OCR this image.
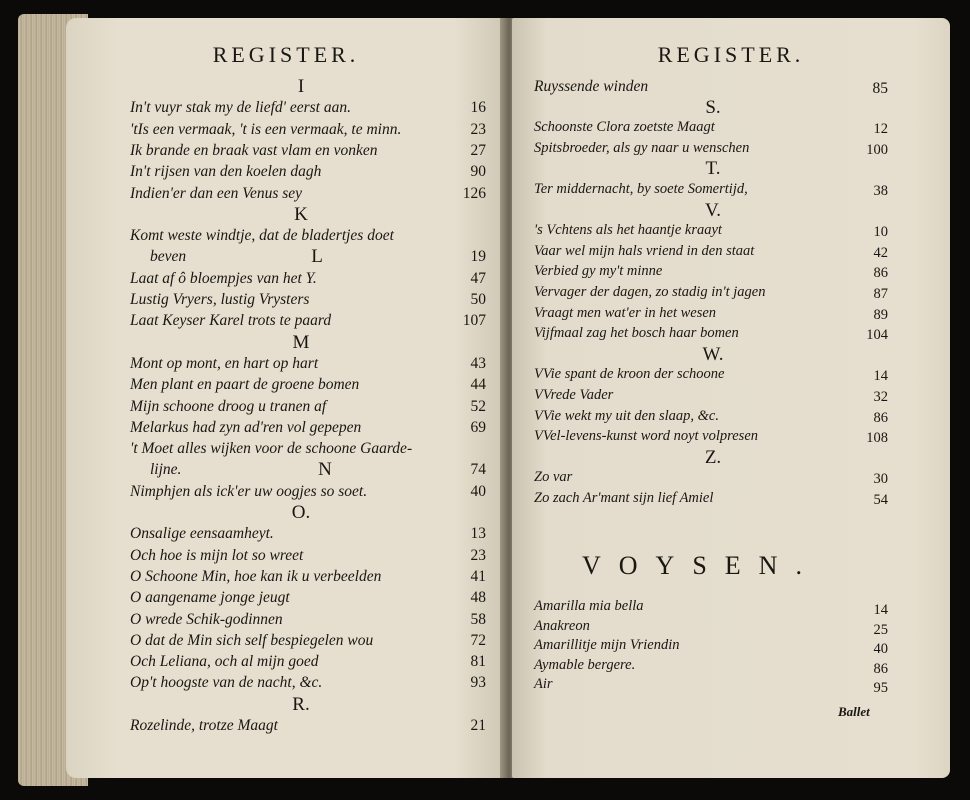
REGISTER.
I
In't vuyr stak my de liefd' eerst aan.	16
'tIs een vermaak, 't is een vermaak, te minn.	23
Ik brande en braak vast vlam en vonken	27
In't rijsen van den koelen dagh	90
Indien'er dan een Venus sey	126
K
Komt weste windtje, dat de bladertjes doet
beven	19
L
Laat af ô bloempjes van het Y.	47
Lustig Vryers, lustig Vrysters	50
Laat Keyser Karel trots te paard	107
M
Mont op mont, en hart op hart	43
Men plant en paart de groene bomen	44
Mijn schoone droog u tranen af	52
Melarkus had zyn ad'ren vol gepepen	69
't Moet alles wijken voor de schoone Gaarde-
lijne.	74
N
Nimphjen als ick'er uw oogjes so soet.	40
O.
Onsalige eensaamheyt.	13
Och hoe is mijn lot so wreet	23
O Schoone Min, hoe kan ik u verbeelden	41
O aangename jonge jeugt	48
O wrede Schik-godinnen	58
O dat de Min sich self bespiegelen wou	72
Och Leliana, och al mijn goed	81
Op't hoogste van de nacht, &c.	93
R.
Rozelinde, trotze Maagt	21
REGISTER.
VOYSEN.
Ballet
Ruyssende winden	85
S.
Schoonste Clora zoetste Maagt	12
Spitsbroeder, als gy naar u wenschen	100
T.
Ter middernacht, by soete Somertijd,	38
V.
's Vchtens als het haantje kraayt	10
Vaar wel mijn hals vriend in den staat	42
Verbied gy my't minne	86
Vervager der dagen, zo stadig in't jagen	87
Vraagt men wat'er in het wesen	89
Vijfmaal zag het bosch haar bomen	104
W.
VVie spant de kroon der schoone	14
VVrede Vader	32
VVie wekt my uit den slaap, &c.	86
VVel-levens-kunst word noyt volpresen	108
Z.
Zo var	30
Zo zach Ar'mant sijn lief Amiel	54
Amarilla mia bella	14
Anakreon	25
Amarillitje mijn Vriendin	40
Aymable bergere.	86
Air	95
